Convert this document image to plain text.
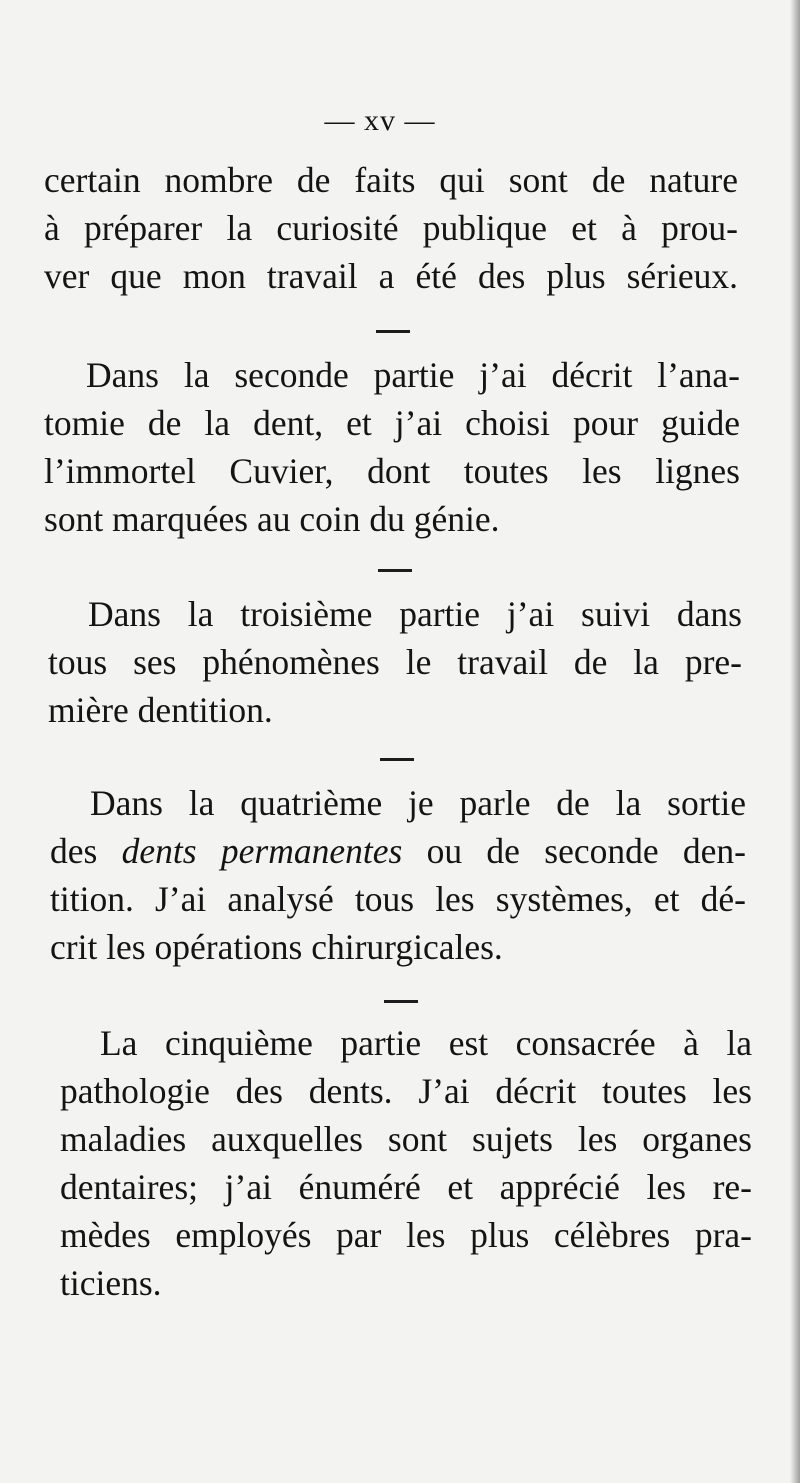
— xv —

certain nombre de faits qui sont de nature
à préparer la curiosité publique et à prou-
ver que mon travail a été des plus sérieux.

Dans la seconde partie j’ai décrit l’ana-
tomie de la dent, et j’ai choisi pour guide
l’immortel Cuvier, dont toutes les lignes
sont marquées au coin du génie.

Dans la troisième partie j’ai suivi dans
tous ses phénomènes le travail de la pre-
mière dentition.

Dans la quatrième je parle de la sortie
des dents permanentes ou de seconde den-
tition. J’ai analysé tous les systèmes, et dé-
crit les opérations chirurgicales.

La cinquième partie est consacrée à la
pathologie des dents. J’ai décrit toutes les
maladies auxquelles sont sujets les organes
dentaires; j’ai énuméré et apprécié les re-
mèdes employés par les plus célèbres pra-
ticiens.
